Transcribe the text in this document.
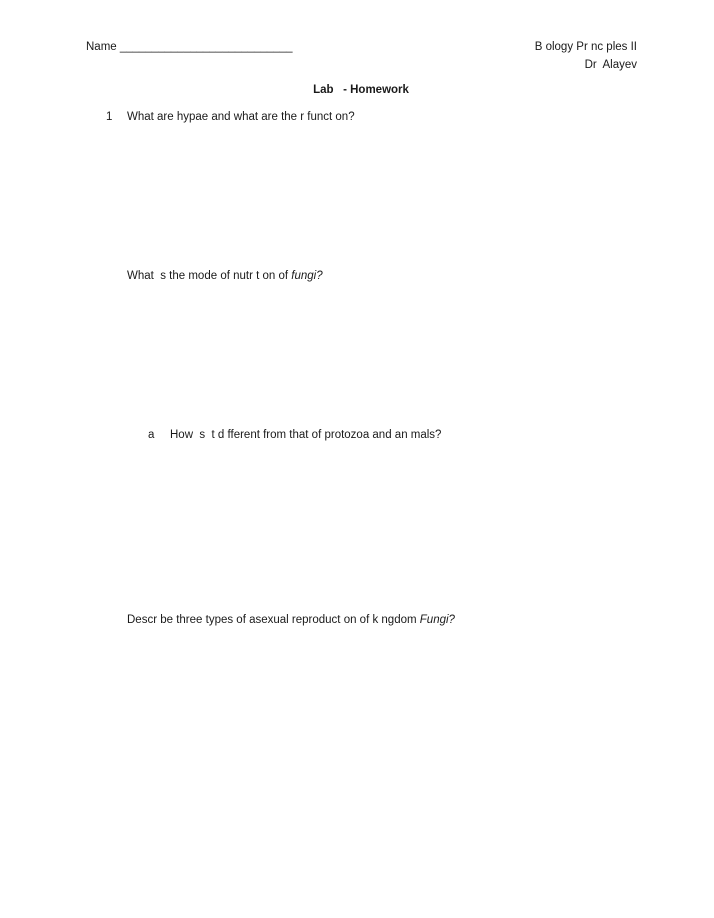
Name ___________________________	B ology Pr nc ples II
Dr  Alayev
Lab   - Homework
1 What are hypae and what are the r funct on?
What  s the mode of nutr t on of fungi?
a How  s  t d fferent from that of protozoa and an mals?
Descr be three types of asexual reproduct on of k ngdom Fungi?
